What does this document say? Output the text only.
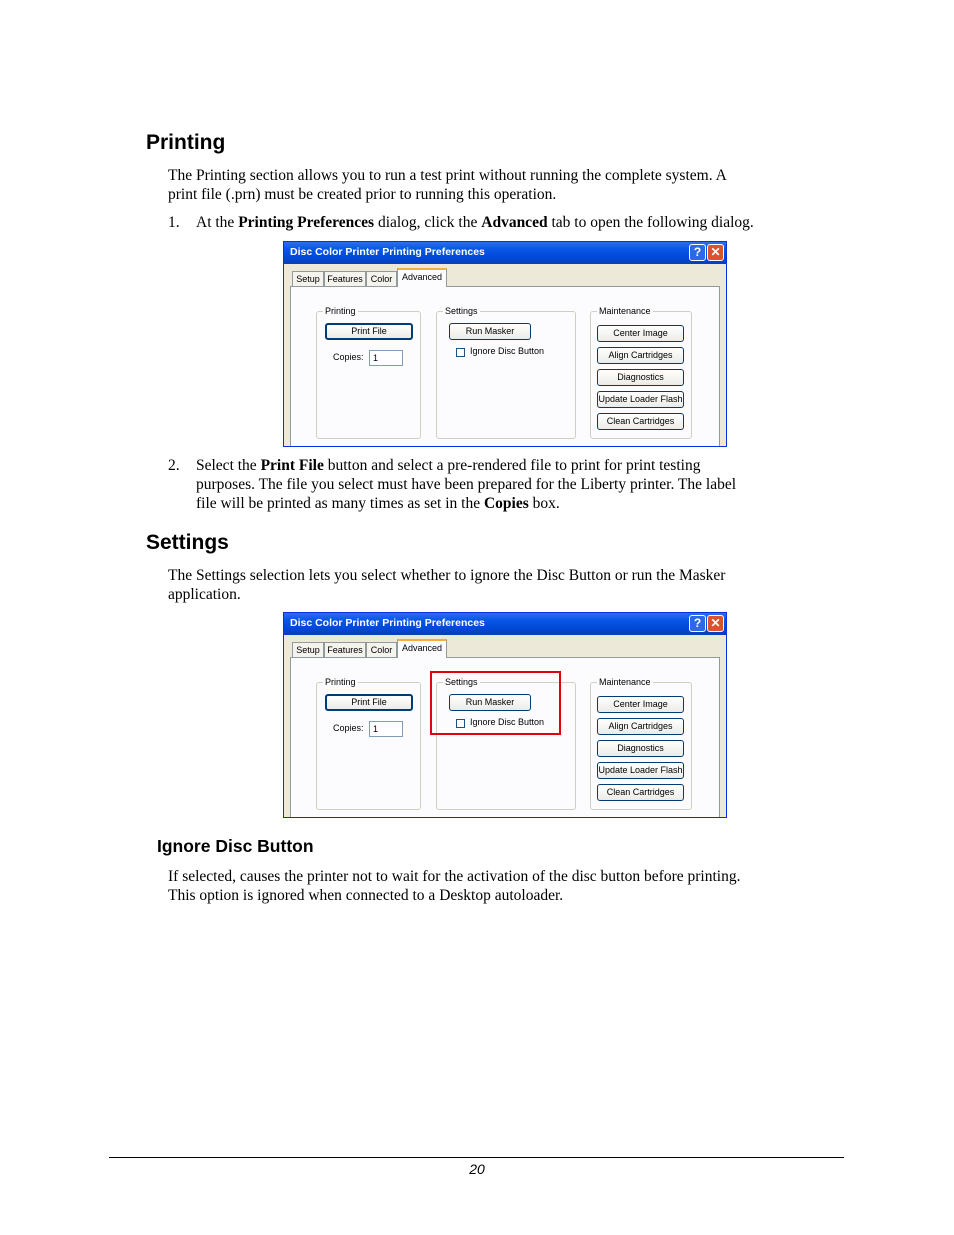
Printing

The Printing section allows you to run a test print without running the complete system. A
print file (.prn) must be created prior to running this operation.

1. At the Printing Preferences dialog, click the Advanced tab to open the following dialog.
Disc Color Printer Printing Preferences	? ✕
Setup Features Color	Advanced
Printing
Print File
Copies:	1
Settings
Run Masker
Ignore Disc Button
Maintenance
Center Image
Align Cartridges
Diagnostics
Update Loader Flash
Clean Cartridges
2. Select the Print File button and select a pre-rendered file to print for print testing
purposes. The file you select must have been prepared for the Liberty printer. The label
file will be printed as many times as set in the Copies box.
Settings

The Settings selection lets you select whether to ignore the Disc Button or run the Masker
application.

Disc Color Printer Printing Preferences	? ✕
Setup Features Color	Advanced
Printing
Print File
Copies:	1
Settings
Run Masker
Ignore Disc Button
Maintenance
Center Image
Align Cartridges
Diagnostics
Update Loader Flash
Clean Cartridges
Ignore Disc Button

If selected, causes the printer not to wait for the activation of the disc button before printing.
This option is ignored when connected to a Desktop autoloader.

20
